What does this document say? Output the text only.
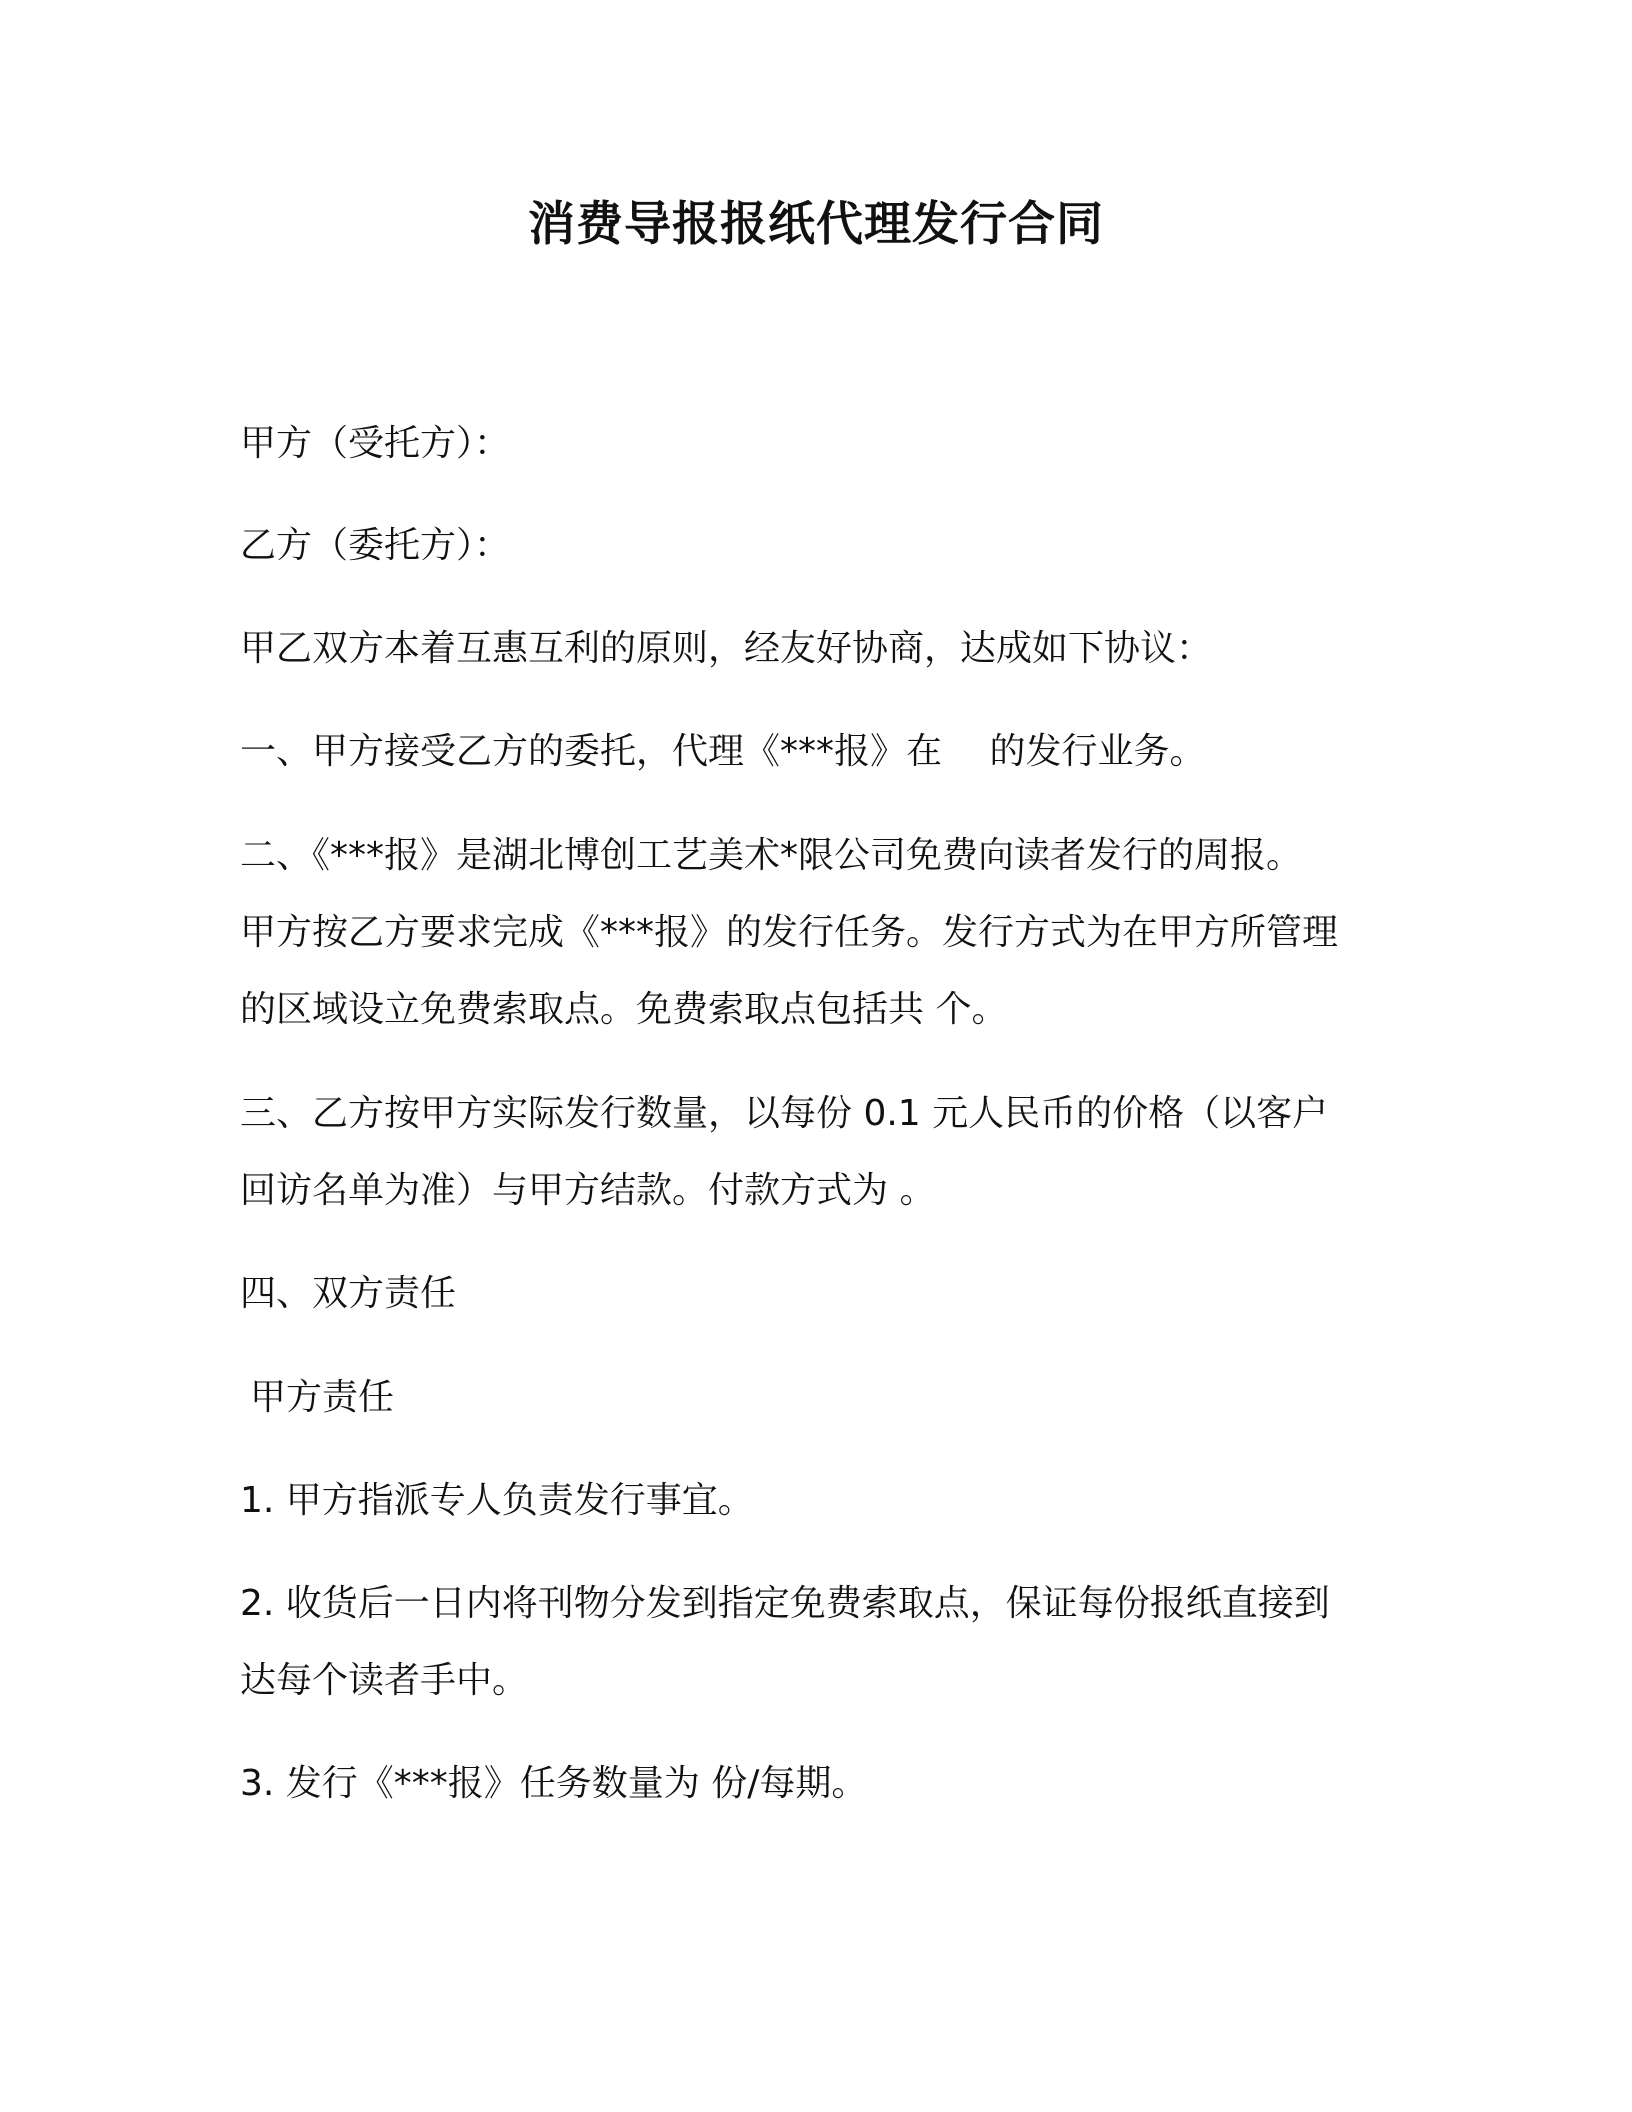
消费导报报纸代理发行合同

甲方（受托方）：

乙方（委托方）：

甲乙双方本着互惠互利的原则，经友好协商，达成如下协议：

一、甲方接受乙方的委托，代理《***报》在　 的发行业务。

二、《***报》是湖北博创工艺美术*限公司免费向读者发行的周报。

甲方按乙方要求完成《***报》的发行任务。发行方式为在甲方所管理

的区域设立免费索取点。免费索取点包括共 个。

三、乙方按甲方实际发行数量，以每份 0.1 元人民币的价格（以客户

回访名单为准）与甲方结款。付款方式为 。

四、双方责任

甲方责任

1. 甲方指派专人负责发行事宜。

2. 收货后一日内将刊物分发到指定免费索取点，保证每份报纸直接到

达每个读者手中。

3. 发行《***报》任务数量为 份/每期。
